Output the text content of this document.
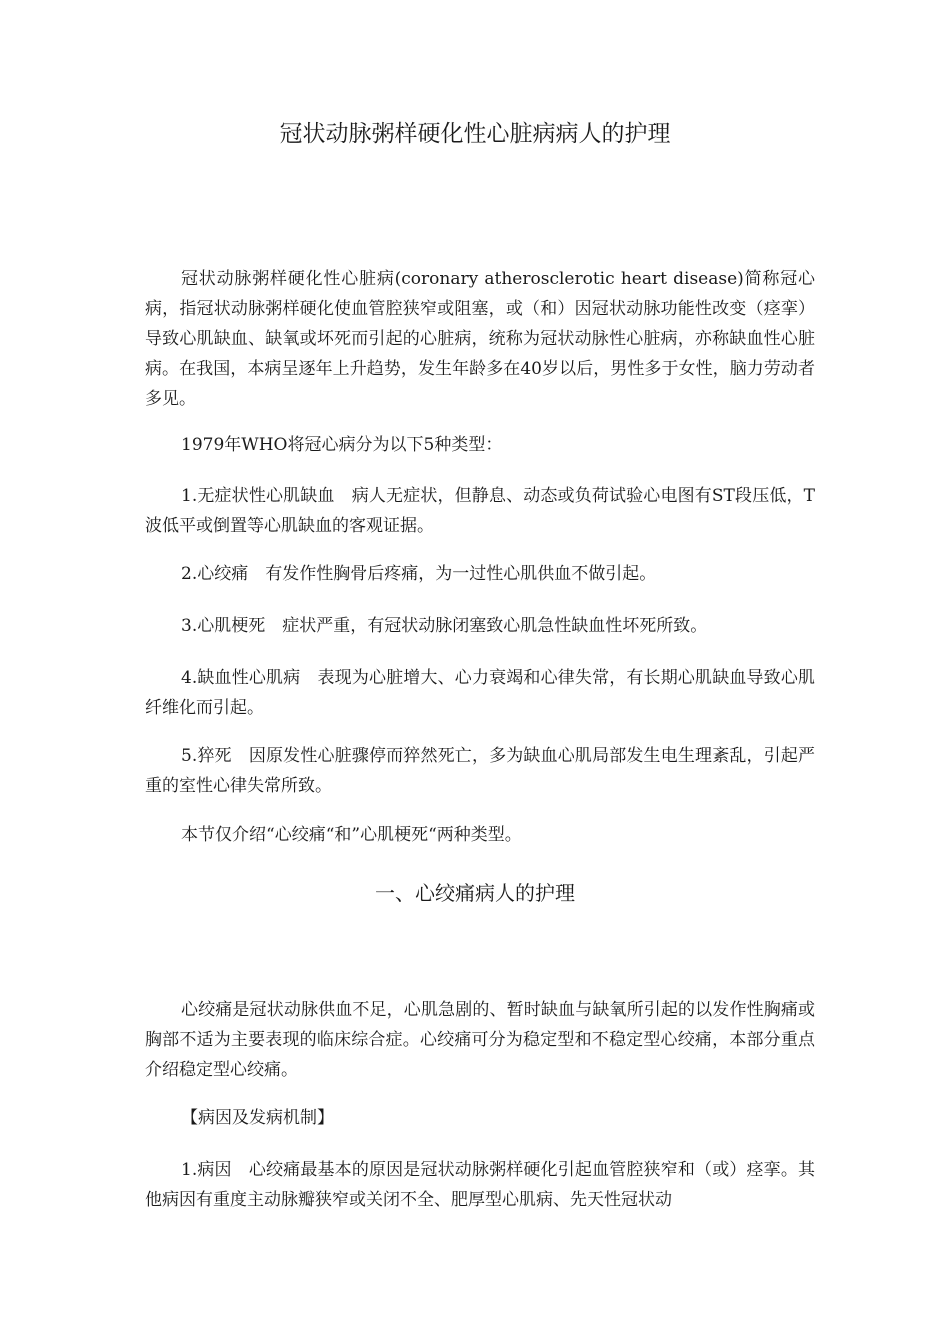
冠状动脉粥样硬化性心脏病病人的护理

冠状动脉粥样硬化性心脏病(coronary atherosclerotic heart disease)简称冠心病，指冠状动脉粥样硬化使血管腔狭窄或阻塞，或（和）因冠状动脉功能性改变（痉挛）导致心肌缺血、缺氧或坏死而引起的心脏病，统称为冠状动脉性心脏病，亦称缺血性心脏病。在我国，本病呈逐年上升趋势，发生年龄多在40岁以后，男性多于女性，脑力劳动者多见。

1979年WHO将冠心病分为以下5种类型：

1.无症状性心肌缺血　病人无症状，但静息、动态或负荷试验心电图有ST段压低，T波低平或倒置等心肌缺血的客观证据。

2.心绞痛　有发作性胸骨后疼痛，为一过性心肌供血不做引起。

3.心肌梗死　症状严重，有冠状动脉闭塞致心肌急性缺血性坏死所致。

4.缺血性心肌病　表现为心脏增大、心力衰竭和心律失常，有长期心肌缺血导致心肌纤维化而引起。

5.猝死　因原发性心脏骤停而猝然死亡，多为缺血心肌局部发生电生理紊乱，引起严重的室性心律失常所致。

本节仅介绍“心绞痛“和”心肌梗死“两种类型。

一、心绞痛病人的护理

心绞痛是冠状动脉供血不足，心肌急剧的、暂时缺血与缺氧所引起的以发作性胸痛或胸部不适为主要表现的临床综合症。心绞痛可分为稳定型和不稳定型心绞痛，本部分重点介绍稳定型心绞痛。

【病因及发病机制】

1.病因　心绞痛最基本的原因是冠状动脉粥样硬化引起血管腔狭窄和（或）痉挛。其他病因有重度主动脉瓣狭窄或关闭不全、肥厚型心肌病、先天性冠状动
